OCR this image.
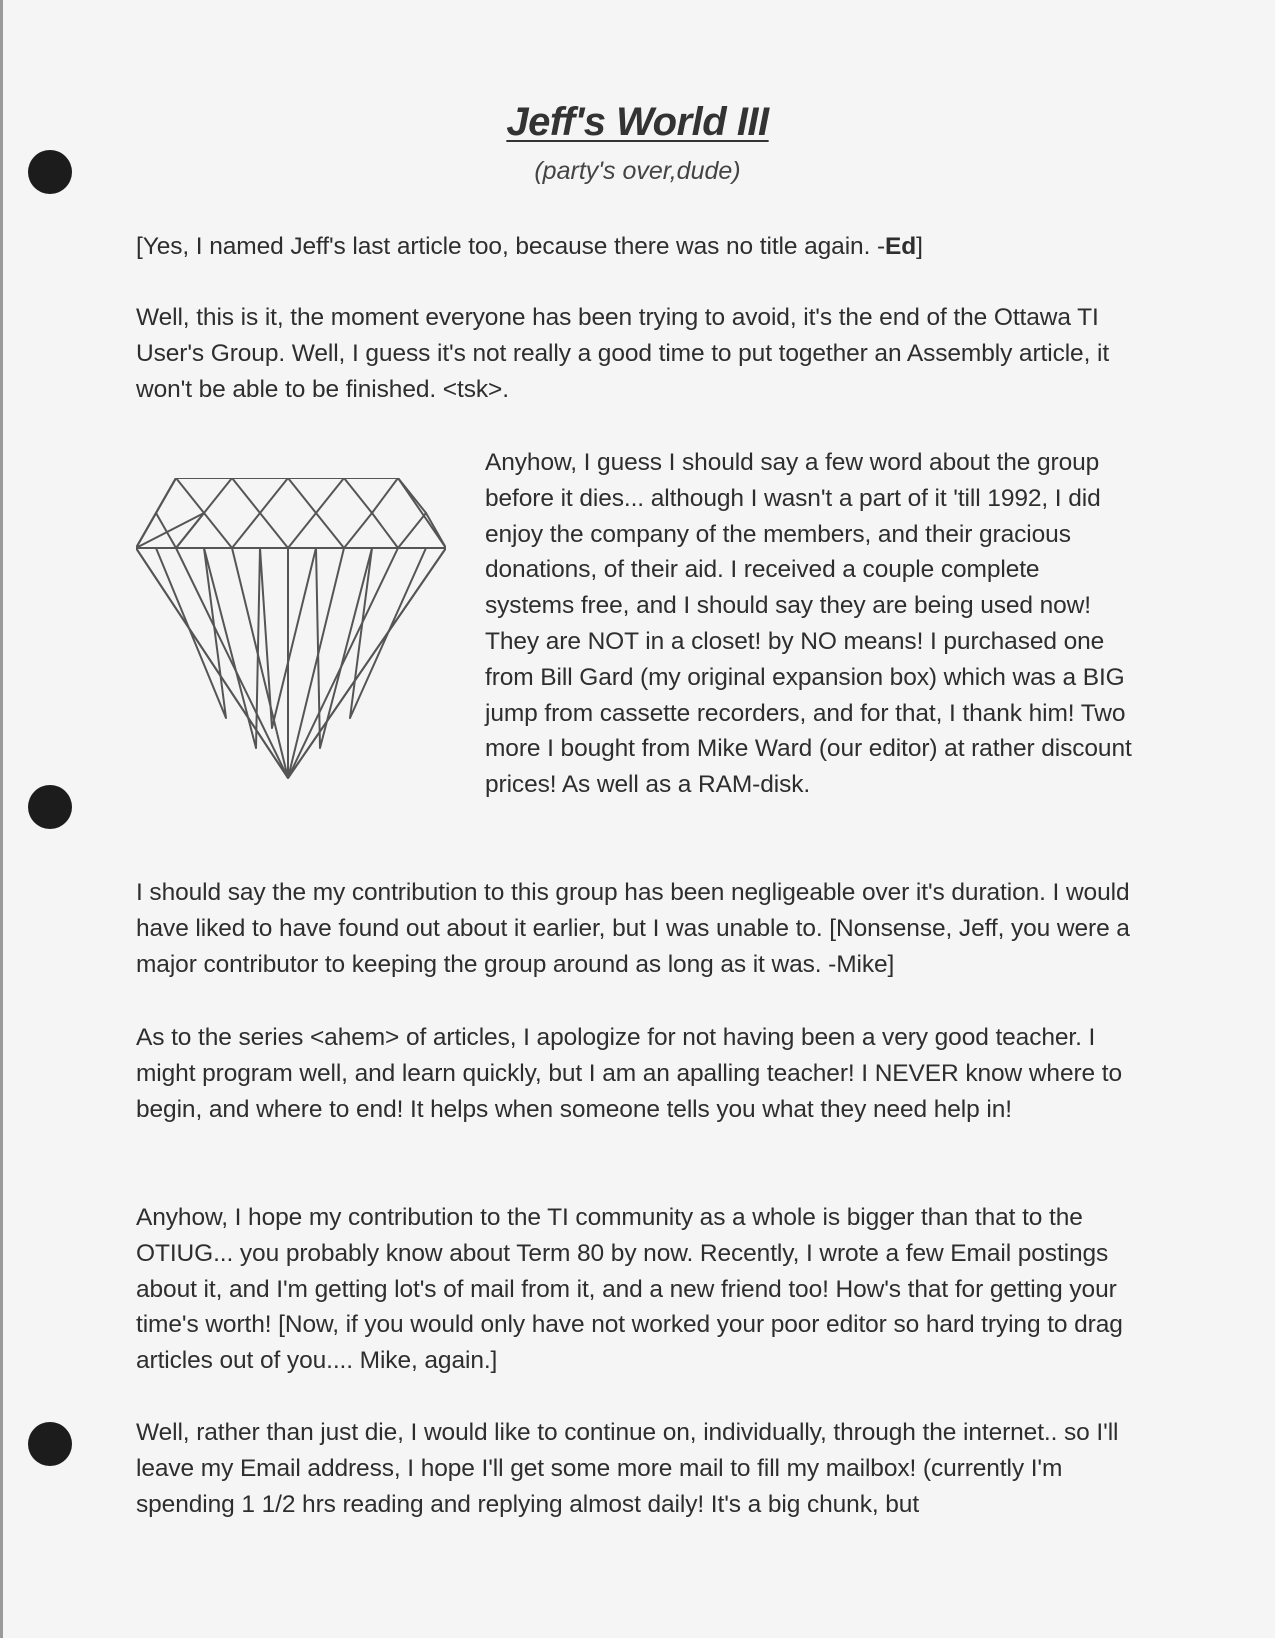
Jeff's World III
(party's over,dude)

[Yes, I named Jeff's last article too, because there was no title again. -Ed]

Well, this is it, the moment everyone has been trying to avoid, it's the end of the Ottawa TI User's Group. Well, I guess it's not really a good time to put together an Assembly article, it won't be able to be finished. <tsk>.

Anyhow, I guess I should say a few word about the group before it dies... although I wasn't a part of it 'till 1992, I did enjoy the company of the members, and their gracious donations, of their aid. I received a couple complete systems free, and I should say they are being used now! They are NOT in a closet! by NO means! I purchased one from Bill Gard (my original expansion box) which was a BIG jump from cassette recorders, and for that, I thank him! Two more I bought from Mike Ward (our editor) at rather discount prices! As well as a RAM-disk.

I should say the my contribution to this group has been negligeable over it's duration. I would have liked to have found out about it earlier, but I was unable to. [Nonsense, Jeff, you were a major contributor to keeping the group around as long as it was. -Mike]

As to the series <ahem> of articles, I apologize for not having been a very good teacher. I might program well, and learn quickly, but I am an apalling teacher! I NEVER know where to begin, and where to end! It helps when someone tells you what they need help in!

Anyhow, I hope my contribution to the TI community as a whole is bigger than that to the OTIUG... you probably know about Term 80 by now. Recently, I wrote a few Email postings about it, and I'm getting lot's of mail from it, and a new friend too! How's that for getting your time's worth! [Now, if you would only have not worked your poor editor so hard trying to drag articles out of you.... Mike, again.]

Well, rather than just die, I would like to continue on, individually, through the internet.. so I'll leave my Email address, I hope I'll get some more mail to fill my mailbox! (currently I'm spending 1 1/2 hrs reading and replying almost daily! It's a big chunk, but
